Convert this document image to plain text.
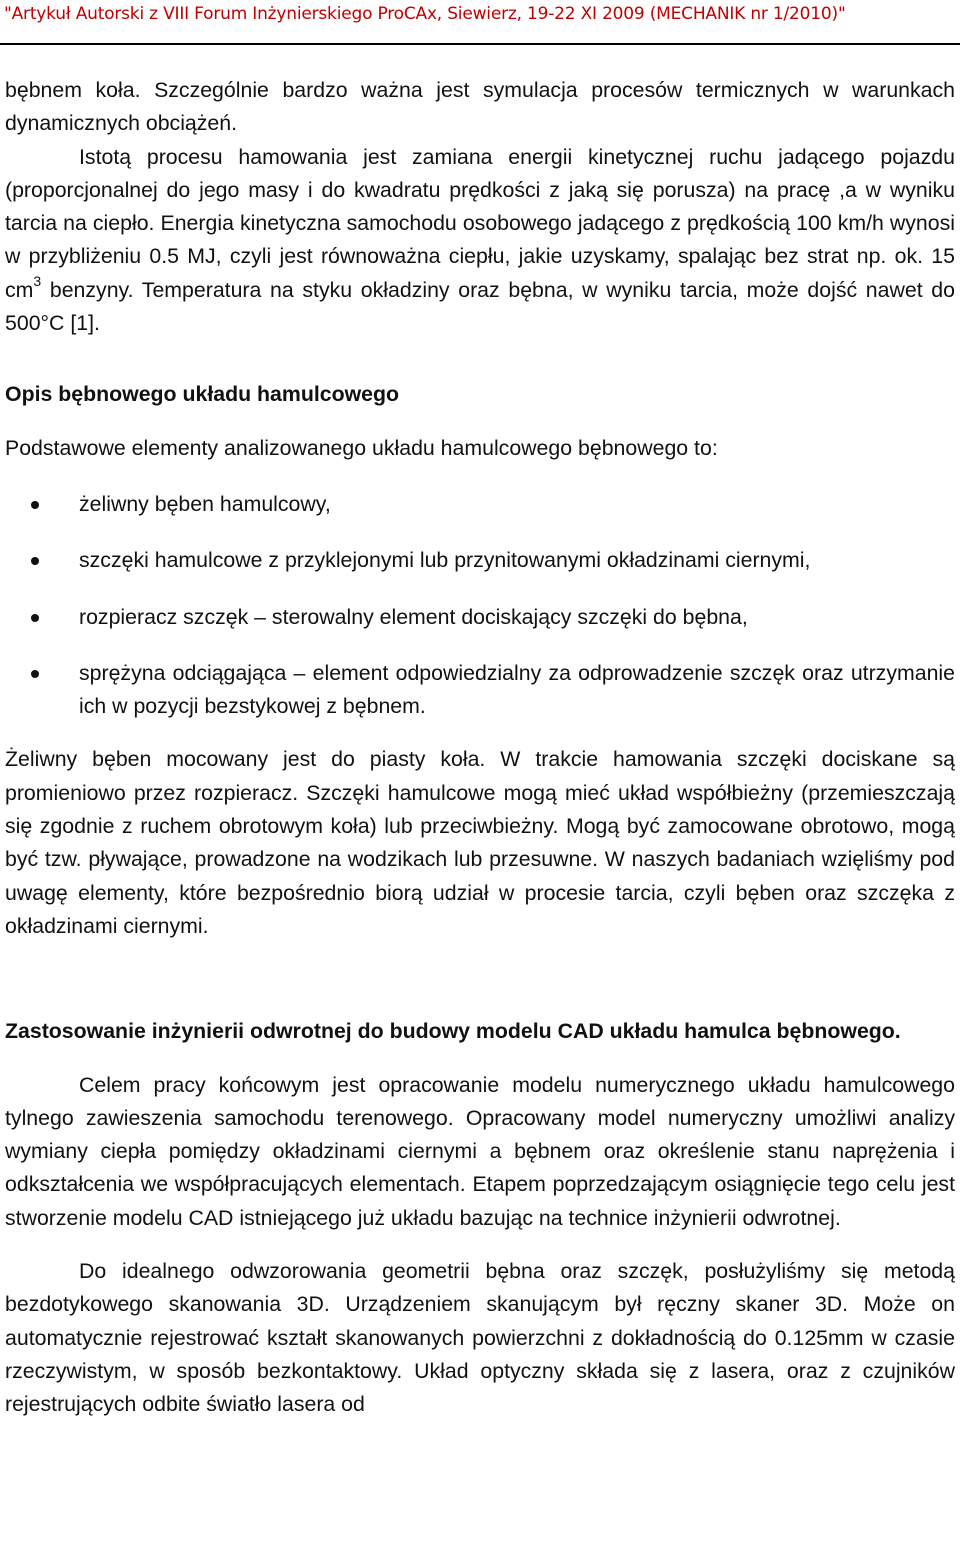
"Artykuł Autorski z VIII Forum Inżynierskiego ProCAx, Siewierz, 19-22 XI 2009 (MECHANIK nr 1/2010)"

bębnem koła. Szczególnie bardzo ważna jest symulacja procesów termicznych w warunkach dynamicznych obciążeń.

Istotą procesu hamowania jest zamiana energii kinetycznej ruchu jadącego pojazdu (proporcjonalnej do jego masy i do kwadratu prędkości z jaką się porusza) na pracę ,a w wyniku tarcia na ciepło. Energia kinetyczna samochodu osobowego jadącego z prędkością 100 km/h wynosi w przybliżeniu 0.5 MJ, czyli jest równoważna ciepłu, jakie uzyskamy, spalając bez strat np. ok. 15 $cm^3$ benzyny. Temperatura na styku okładziny oraz bębna, w wyniku tarcia, może dojść nawet do 500°C [1].

Opis bębnowego układu hamulcowego

Podstawowe elementy analizowanego układu hamulcowego bębnowego to:

żeliwny bęben hamulcowy,
szczęki hamulcowe z przyklejonymi lub przynitowanymi okładzinami ciernymi,
rozpieracz szczęk – sterowalny element dociskający szczęki do bębna,
sprężyna odciągająca – element odpowiedzialny za odprowadzenie szczęk oraz utrzymanie ich w pozycji bezstykowej z bębnem.

Żeliwny bęben mocowany jest do piasty koła. W trakcie hamowania szczęki dociskane są promieniowo przez rozpieracz. Szczęki hamulcowe mogą mieć układ współbieżny (przemieszczają się zgodnie z ruchem obrotowym koła) lub przeciwbieżny. Mogą być zamocowane obrotowo, mogą być tzw. pływające, prowadzone na wodzikach lub przesuwne. W naszych badaniach wzięliśmy pod uwagę elementy, które bezpośrednio biorą udział w procesie tarcia, czyli bęben oraz szczęka z okładzinami ciernymi.

Zastosowanie inżynierii odwrotnej do budowy modelu CAD układu hamulca bębnowego.

Celem pracy końcowym jest opracowanie modelu numerycznego układu hamulcowego tylnego zawieszenia samochodu terenowego. Opracowany model numeryczny umożliwi analizy wymiany ciepła pomiędzy okładzinami ciernymi a bębnem oraz określenie stanu naprężenia i odkształcenia we współpracujących elementach. Etapem poprzedzającym osiągnięcie tego celu jest stworzenie modelu CAD istniejącego już układu bazując na technice inżynierii odwrotnej.

Do idealnego odwzorowania geometrii bębna oraz szczęk, posłużyliśmy się metodą bezdotykowego skanowania 3D. Urządzeniem skanującym był ręczny skaner 3D. Może on automatycznie rejestrować kształt skanowanych powierzchni z dokładnością do 0.125mm w czasie rzeczywistym, w sposób bezkontaktowy. Układ optyczny składa się z lasera, oraz z czujników rejestrujących odbite światło lasera od
